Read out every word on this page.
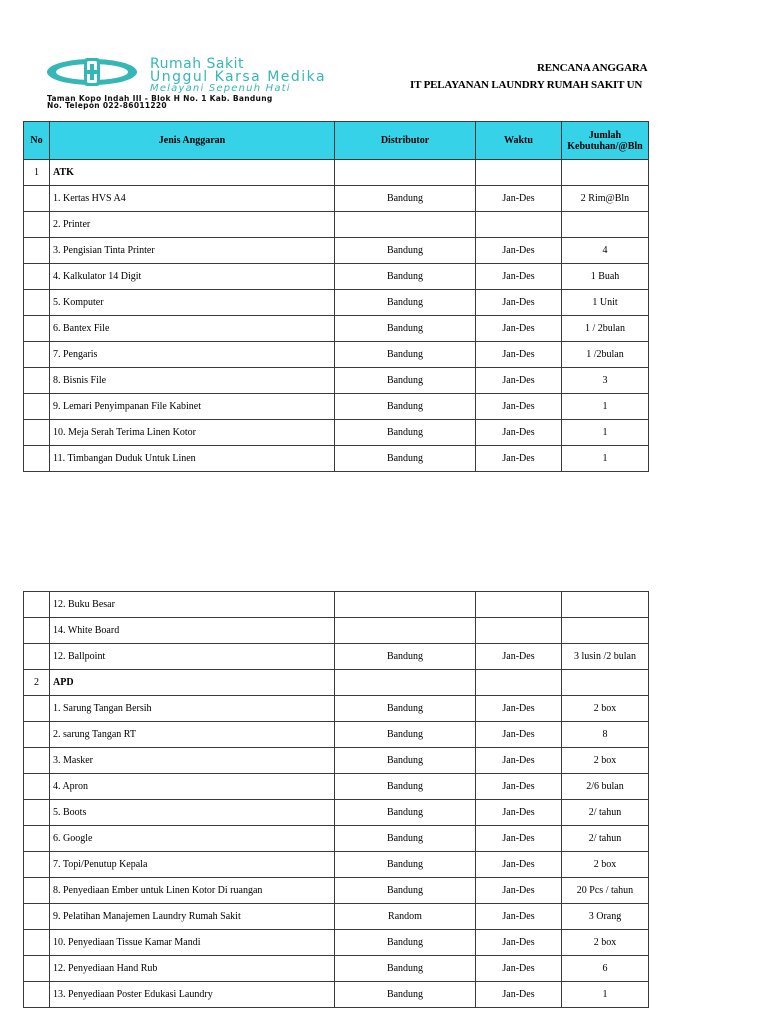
Rumah Sakit
Unggul Karsa Medika
Melayani Sepenuh Hati
Taman Kopo Indah III - Blok H No. 1 Kab. Bandung
No. Telepon 022-86011220
RENCANA ANGGARA
IT PELAYANAN LAUNDRY RUMAH SAKIT UN
No	Jenis Anggaran	Distributor	Waktu	Jumlah Kebutuhan/@Bln
1	ATK			
	1. Kertas HVS A4	Bandung	Jan-Des	2 Rim@Bln
	2. Printer			
	3. Pengisian Tinta Printer	Bandung	Jan-Des	4
	4. Kalkulator 14 Digit	Bandung	Jan-Des	1 Buah
	5. Komputer	Bandung	Jan-Des	1 Unit
	6. Bantex File	Bandung	Jan-Des	1 / 2bulan
	7. Pengaris	Bandung	Jan-Des	1 /2bulan
	8. Bisnis File	Bandung	Jan-Des	3
	9. Lemari Penyimpanan File Kabinet	Bandung	Jan-Des	1
	10. Meja Serah Terima Linen Kotor	Bandung	Jan-Des	1
	11. Timbangan Duduk Untuk Linen	Bandung	Jan-Des	1
	12. Buku Besar			
	14. White Board			
	12. Ballpoint	Bandung	Jan-Des	3 lusin /2 bulan
2	APD			
	1. Sarung Tangan Bersih	Bandung	Jan-Des	2 box
	2. sarung Tangan RT	Bandung	Jan-Des	8
	3. Masker	Bandung	Jan-Des	2 box
	4. Apron	Bandung	Jan-Des	2/6 bulan
	5. Boots	Bandung	Jan-Des	2/ tahun
	6. Google	Bandung	Jan-Des	2/ tahun
	7. Topi/Penutup Kepala	Bandung	Jan-Des	2 box
	8. Penyediaan Ember untuk Linen Kotor Di ruangan	Bandung	Jan-Des	20 Pcs / tahun
	9. Pelatihan Manajemen Laundry Rumah Sakit	Random	Jan-Des	3 Orang
	10. Penyediaan Tissue Kamar Mandi	Bandung	Jan-Des	2 box
	12. Penyediaan Hand Rub	Bandung	Jan-Des	6
	13. Penyediaan Poster Edukasi Laundry	Bandung	Jan-Des	1
